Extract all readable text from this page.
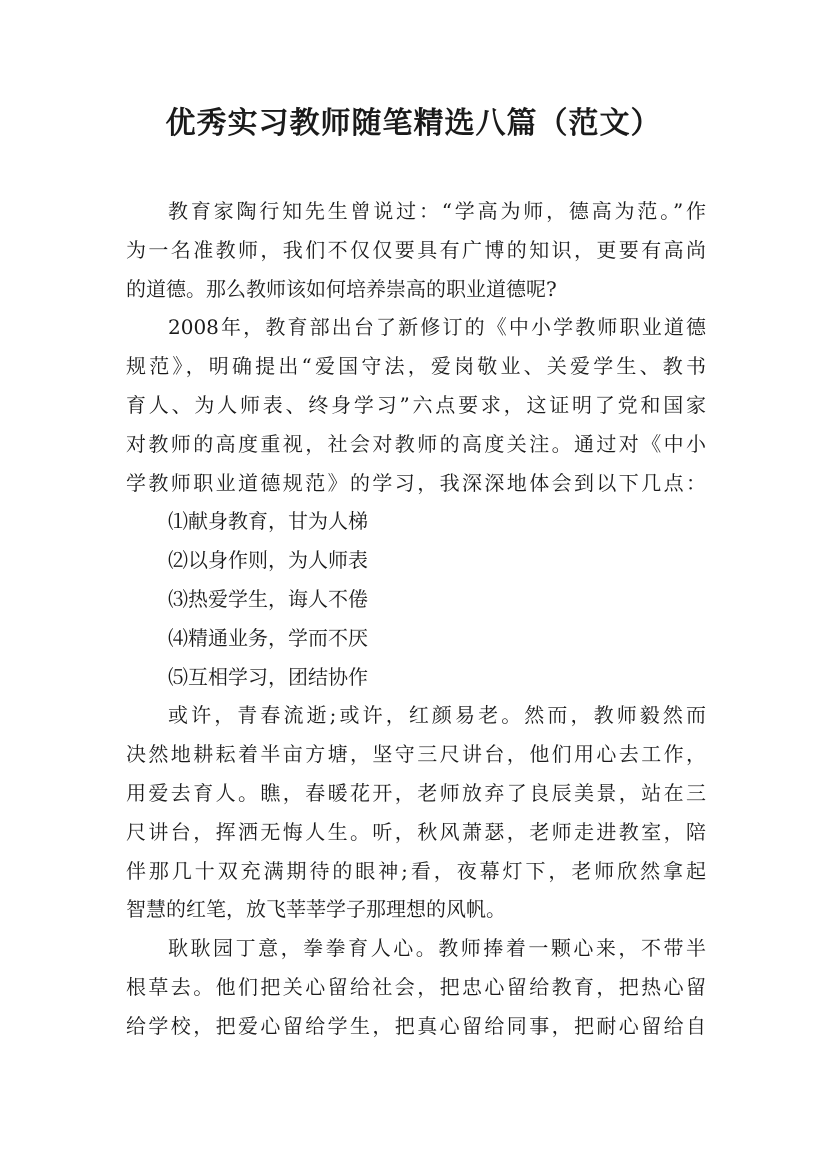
优秀实习教师随笔精选八篇（范文）
教育家陶行知先生曾说过：“学高为师，德高为范。”作
为一名准教师，我们不仅仅要具有广博的知识，更要有高尚
的道德。那么教师该如何培养崇高的职业道德呢?
2008年，教育部出台了新修订的《中小学教师职业道德
规范》，明确提出“爱国守法，爱岗敬业、关爱学生、教书
育人、为人师表、终身学习”六点要求，这证明了党和国家
对教师的高度重视，社会对教师的高度关注。通过对《中小
学教师职业道德规范》的学习，我深深地体会到以下几点：
⑴献身教育，甘为人梯
⑵以身作则，为人师表
⑶热爱学生，诲人不倦
⑷精通业务，学而不厌
⑸互相学习，团结协作
或许，青春流逝;或许，红颜易老。然而，教师毅然而
决然地耕耘着半亩方塘，坚守三尺讲台，他们用心去工作，
用爱去育人。瞧，春暖花开，老师放弃了良辰美景，站在三
尺讲台，挥洒无悔人生。听，秋风萧瑟，老师走进教室，陪
伴那几十双充满期待的眼神;看，夜幕灯下，老师欣然拿起
智慧的红笔，放飞莘莘学子那理想的风帆。
耿耿园丁意，拳拳育人心。教师捧着一颗心来，不带半
根草去。他们把关心留给社会，把忠心留给教育，把热心留
给学校，把爱心留给学生，把真心留给同事，把耐心留给自
